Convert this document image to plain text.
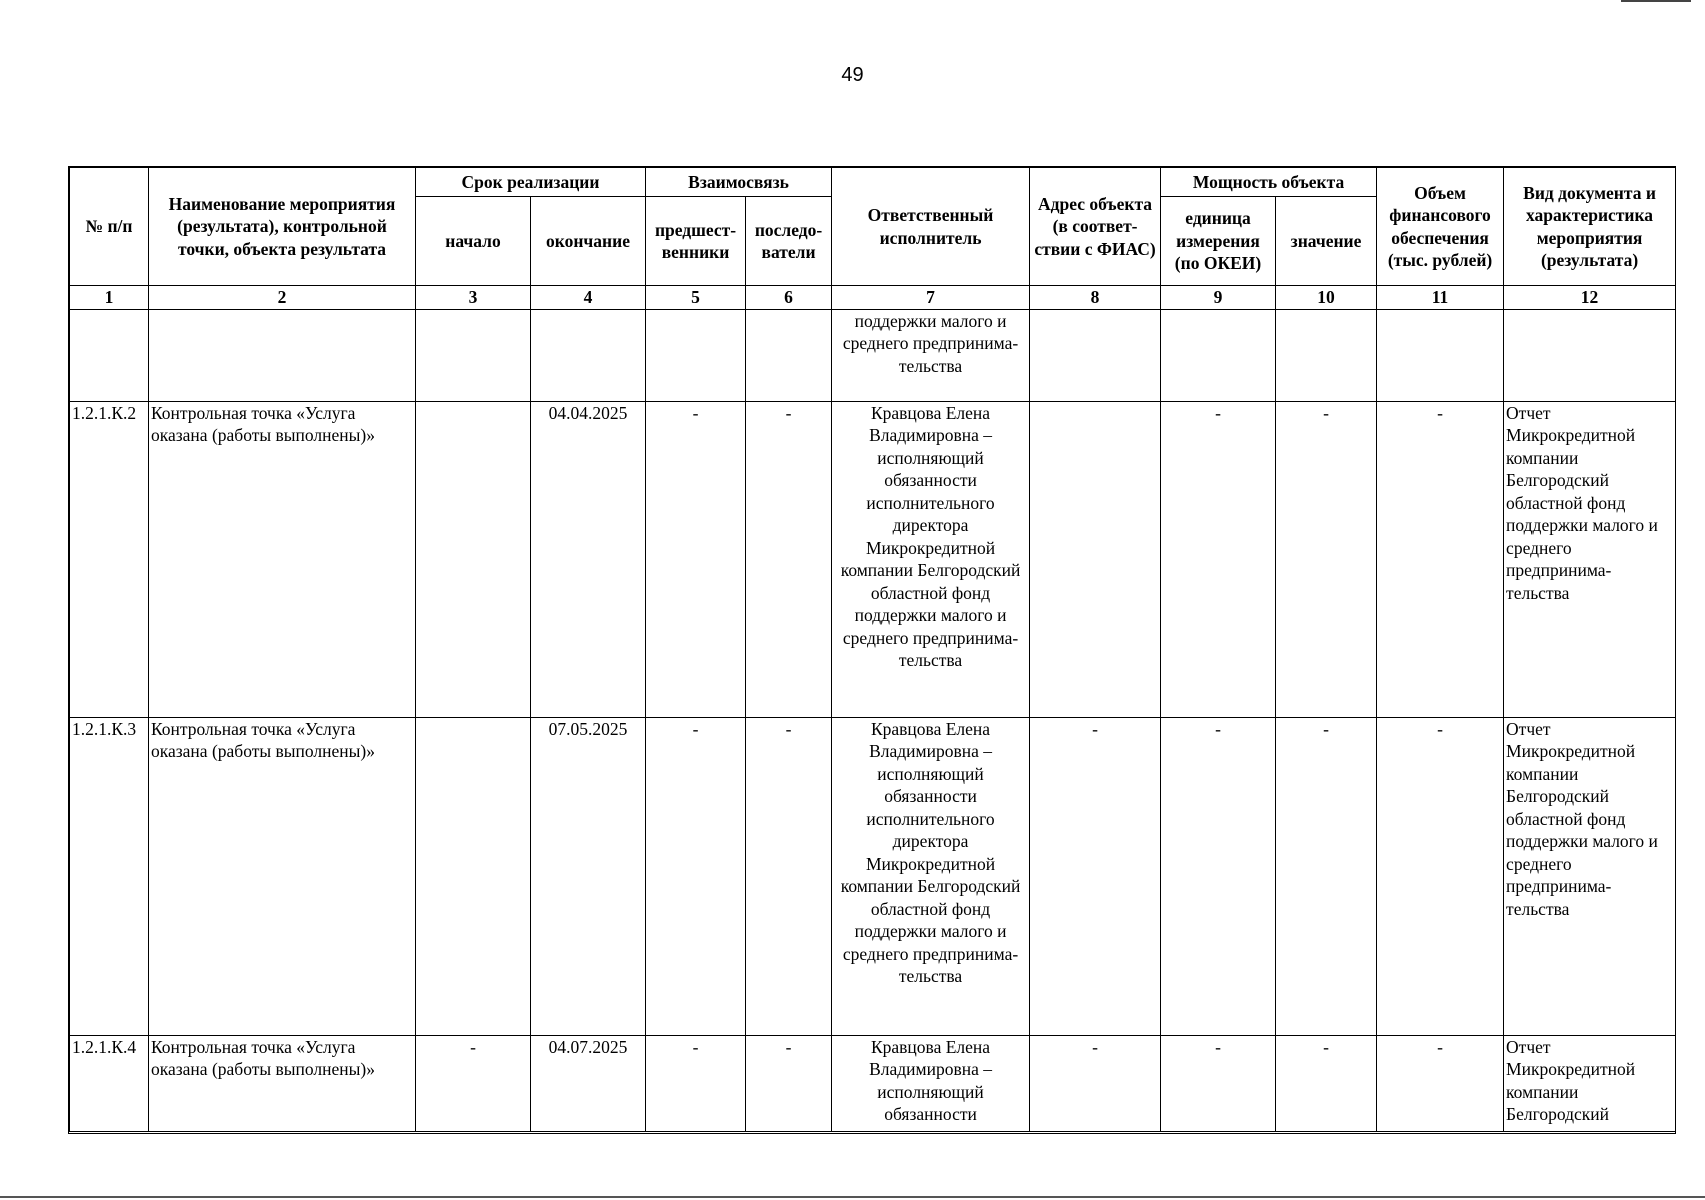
49
№ п/п	Наименование мероприятия (результата), контрольной точки, объекта результата	Срок реализации		Взаимосвязь		Ответственный исполнитель	Адрес объекта (в соответ-ствии с ФИАС)	Мощность объекта		Объем финансового обеспечения (тыс. рублей)	Вид документа и характеристика мероприятия (результата)
		начало	окончание	предшест-венники	последо-ватели			единица измерения (по ОКЕИ)	значение		
1	2	3	4	5	6	7	8	9	10	11	12
						поддержки малого и среднего предпринима-тельства					
1.2.1.К.2	Контрольная точка «Услуга оказана (работы выполнены)»		04.04.2025	-	-	Кравцова Елена Владимировна – исполняющий обязанности исполнительного директора Микрокредитной компании Белгородский областной фонд поддержки малого и среднего предпринима-тельства		-	-	-	Отчет Микрокредитной компании Белгородский областной фонд поддержки малого и среднего предпринима-тельства
1.2.1.К.3	Контрольная точка «Услуга оказана (работы выполнены)»		07.05.2025	-	-	Кравцова Елена Владимировна – исполняющий обязанности исполнительного директора Микрокредитной компании Белгородский областной фонд поддержки малого и среднего предпринима-тельства	-	-	-	-	Отчет Микрокредитной компании Белгородский областной фонд поддержки малого и среднего предпринима-тельства
1.2.1.К.4	Контрольная точка «Услуга оказана (работы выполнены)»	-	04.07.2025	-	-	Кравцова Елена Владимировна – исполняющий обязанности	-	-	-	-	Отчет Микрокредитной компании Белгородский
